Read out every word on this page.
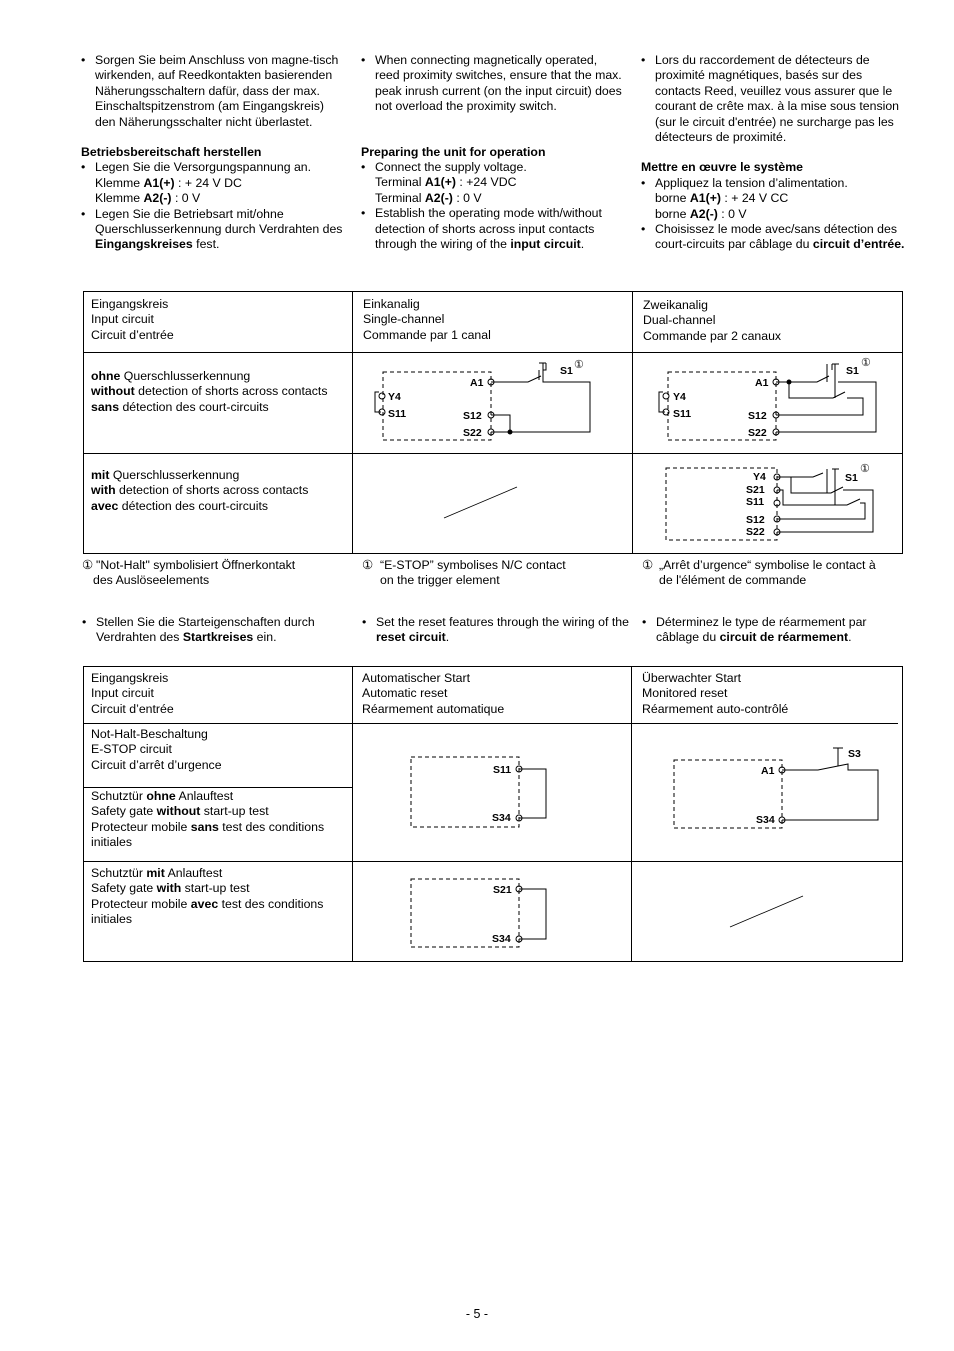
• Sorgen Sie beim Anschluss von magne-tisch wirkenden, auf Reedkontakten basierenden Näherungsschaltern dafür, dass der max. Einschaltspitzenstrom (am Eingangskreis) den Näherungsschalter nicht überlastet.

Betriebsbereitschaft herstellen

• Legen Sie die Versorgungspannung an.

Klemme A1(+) : + 24 V DC

Klemme A2(-) : 0 V

• Legen Sie die Betriebsart mit/ohne Querschlusserkennung durch Verdrahten des Eingangskreises fest.

• When connecting magnetically operated, reed proximity switches, ensure that the max. peak inrush current (on the input circuit) does not overload the proximity switch.

Preparing the unit for operation

• Connect the supply voltage.

Terminal A1(+) : +24 VDC

Terminal A2(-) : 0 V

• Establish the operating mode with/without detection of shorts across input contacts through the wiring of the input circuit.

• Lors du raccordement de détecteurs de proximité magnétiques, basés sur des contacts Reed, veuillez vous assurer que le courant de crête max. à la mise sous tension (sur le circuit d'entrée) ne surcharge pas les détecteurs de proximité.

Mettre en œuvre le système

• Appliquez la tension d’alimentation.

borne A1(+) : + 24 V CC

borne A2(-) : 0 V

• Choisissez le mode avec/sans détection des court-circuits par câblage du circuit d’entrée.

Eingangskreis

Input circuit

Circuit d’entrée

Einkanalig

Single-channel

Commande par 1 canal

Zweikanalig

Dual-channel

Commande par 2 canaux

ohne Querschlusserkennung

without detection of shorts across contacts

sans détection des court-circuits

mit Querschlusserkennung

with detection of shorts across contacts

avec détection des court-circuits

A1
Y4
S11	S12
S22
S1 ①
A1
Y4
S11	S12
S22
S1
①
Y4
S21
S11
S12
S22
S1
①
① "Not-Halt" symbolisiert Öffnerkontakt

des Auslöseelements

① “E-STOP” symbolises N/C contact

on the trigger element

① „Arrêt d’urgence“ symbolise le contact à

de l'élément de commande

• Stellen Sie die Starteigenschaften durch Verdrahten des Startkreises ein.

• Set the reset features through the wiring of the reset circuit.

• Déterminez le type de réarmement par câblage du circuit de réarmement.

Eingangskreis

Input circuit

Circuit d’entrée

Automatischer Start

Automatic reset

Réarmement automatique

Überwachter Start

Monitored reset

Réarmement auto-contrôlé

Not-Halt-Beschaltung

E-STOP circuit

Circuit d’arrêt d’urgence

Schutztür ohne Anlauftest

Safety gate without start-up test

Protecteur mobile sans test des conditions initiales

Schutztür mit Anlauftest

Safety gate with start-up test

Protecteur mobile avec test des conditions initiales

S11
S34
A1
S34
S3
S21
S34
- 5 -
